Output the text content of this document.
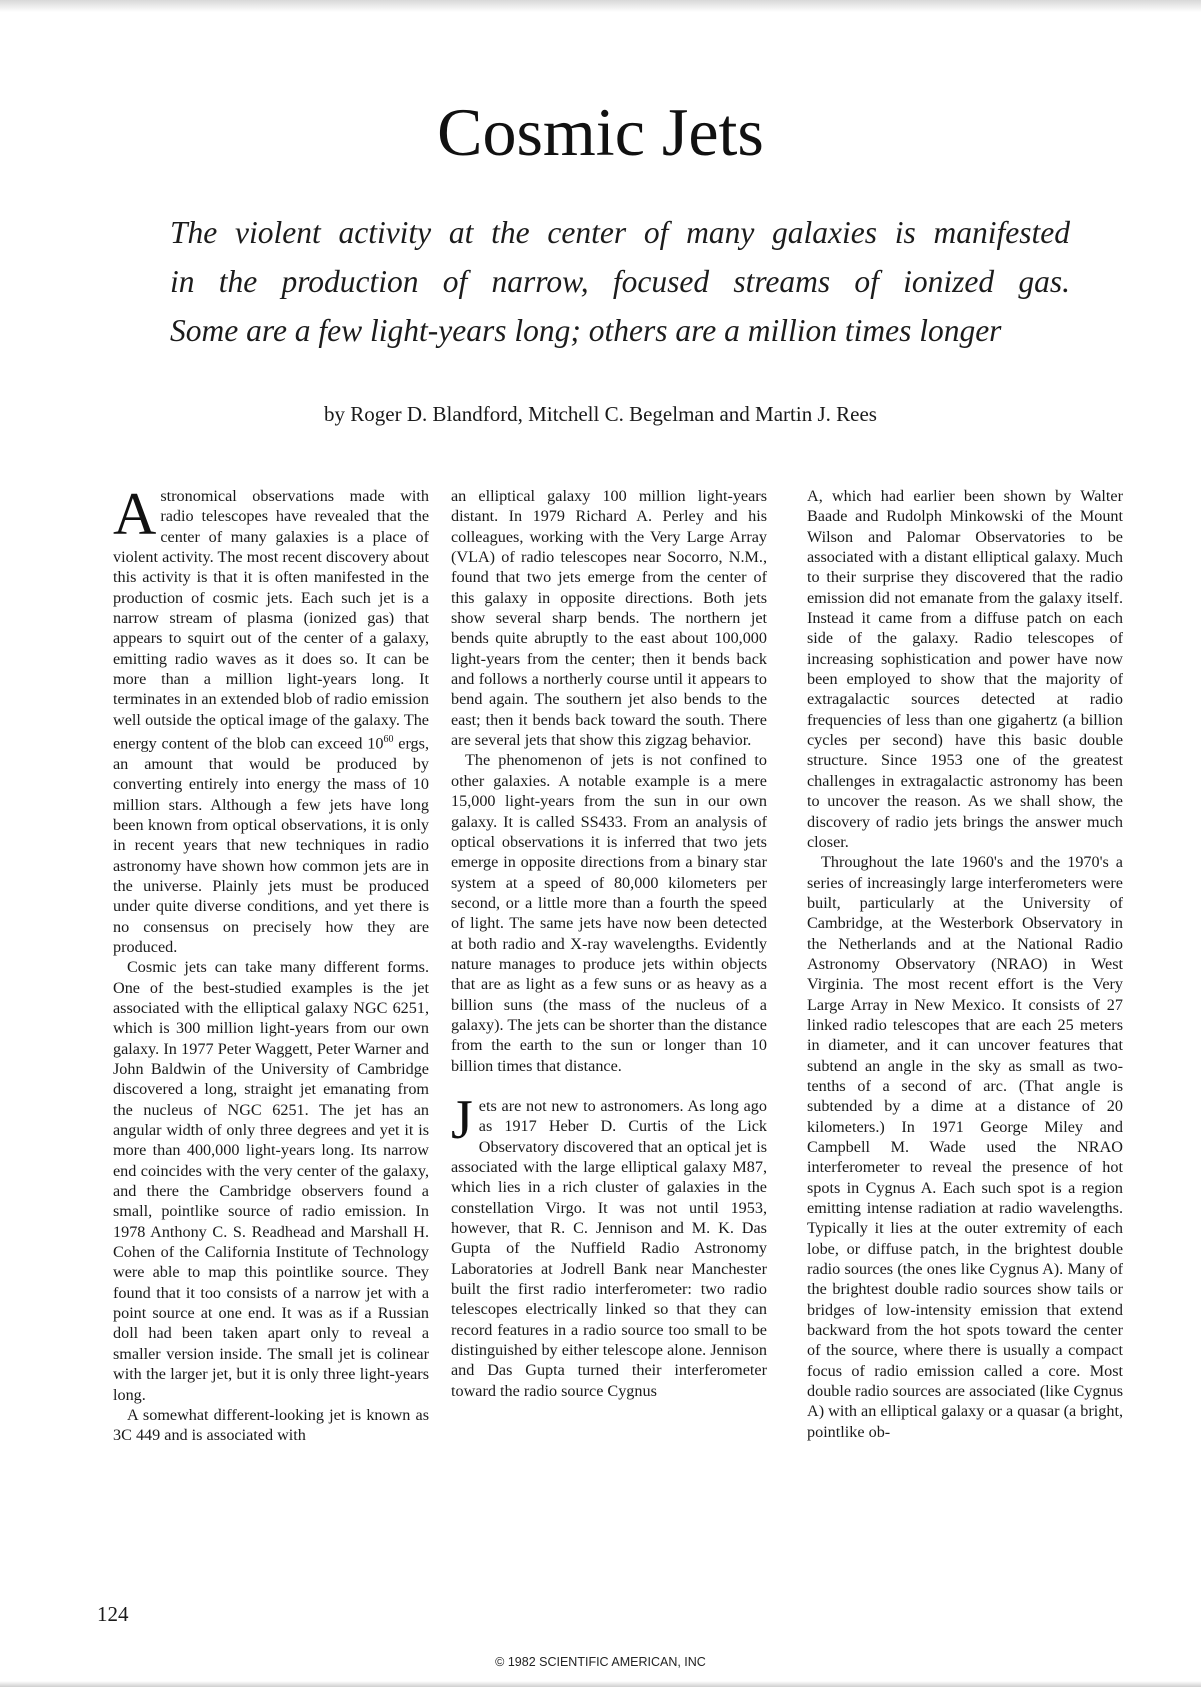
Cosmic Jets
The violent activity at the center of many galaxies is manifested
in the production of narrow, focused streams of ionized gas.
Some are a few light-years long; others are a million times longer
by Roger D. Blandford, Mitchell C. Begelman and Martin J. Rees

Astronomical observations made with radio telescopes have revealed that the center of many galaxies is a place of violent activity. The most recent discovery about this activity is that it is often manifested in the production of cosmic jets. Each such jet is a narrow stream of plasma (ionized gas) that appears to squirt out of the center of a galaxy, emitting radio waves as it does so. It can be more than a million light-years long. It terminates in an extended blob of radio emission well outside the optical image of the galaxy. The energy content of the blob can exceed $10^{60}$ ergs, an amount that would be produced by converting entirely into energy the mass of 10 million stars. Although a few jets have long been known from optical observations, it is only in recent years that new techniques in radio astronomy have shown how common jets are in the universe. Plainly jets must be produced under quite diverse conditions, and yet there is no consensus on precisely how they are produced.

Cosmic jets can take many different forms. One of the best-studied examples is the jet associated with the elliptical galaxy NGC 6251, which is 300 million light-years from our own galaxy. In 1977 Peter Waggett, Peter Warner and John Baldwin of the University of Cambridge discovered a long, straight jet emanating from the nucleus of NGC 6251. The jet has an angular width of only three degrees and yet it is more than 400,000 light-years long. Its narrow end coincides with the very center of the galaxy, and there the Cambridge observers found a small, pointlike source of radio emission. In 1978 Anthony C. S. Readhead and Marshall H. Cohen of the California Institute of Technology were able to map this pointlike source. They found that it too consists of a narrow jet with a point source at one end. It was as if a Russian doll had been taken apart only to reveal a smaller version inside. The small jet is colinear with the larger jet, but it is only three light-years long.

A somewhat different-looking jet is known as 3C 449 and is associated with

an elliptical galaxy 100 million light-years distant. In 1979 Richard A. Perley and his colleagues, working with the Very Large Array (VLA) of radio telescopes near Socorro, N.M., found that two jets emerge from the center of this galaxy in opposite directions. Both jets show several sharp bends. The northern jet bends quite abruptly to the east about 100,000 light-years from the center; then it bends back and follows a northerly course until it appears to bend again. The southern jet also bends to the east; then it bends back toward the south. There are several jets that show this zigzag behavior.

The phenomenon of jets is not confined to other galaxies. A notable example is a mere 15,000 light-years from the sun in our own galaxy. It is called SS433. From an analysis of optical observations it is inferred that two jets emerge in opposite directions from a binary star system at a speed of 80,000 kilometers per second, or a little more than a fourth the speed of light. The same jets have now been detected at both radio and X-ray wavelengths. Evidently nature manages to produce jets within objects that are as light as a few suns or as heavy as a billion suns (the mass of the nucleus of a galaxy). The jets can be shorter than the distance from the earth to the sun or longer than 10 billion times that distance.

Jets are not new to astronomers. As long ago as 1917 Heber D. Curtis of the Lick Observatory discovered that an optical jet is associated with the large elliptical galaxy M87, which lies in a rich cluster of galaxies in the constellation Virgo. It was not until 1953, however, that R. C. Jennison and M. K. Das Gupta of the Nuffield Radio Astronomy Laboratories at Jodrell Bank near Manchester built the first radio interferometer: two radio telescopes electrically linked so that they can record features in a radio source too small to be distinguished by either telescope alone. Jennison and Das Gupta turned their interferometer toward the radio source Cygnus

A, which had earlier been shown by Walter Baade and Rudolph Minkowski of the Mount Wilson and Palomar Observatories to be associated with a distant elliptical galaxy. Much to their surprise they discovered that the radio emission did not emanate from the galaxy itself. Instead it came from a diffuse patch on each side of the galaxy. Radio telescopes of increasing sophistication and power have now been employed to show that the majority of extragalactic sources detected at radio frequencies of less than one gigahertz (a billion cycles per second) have this basic double structure. Since 1953 one of the greatest challenges in extragalactic astronomy has been to uncover the reason. As we shall show, the discovery of radio jets brings the answer much closer.

Throughout the late 1960's and the 1970's a series of increasingly large interferometers were built, particularly at the University of Cambridge, at the Westerbork Observatory in the Netherlands and at the National Radio Astronomy Observatory (NRAO) in West Virginia. The most recent effort is the Very Large Array in New Mexico. It consists of 27 linked radio telescopes that are each 25 meters in diameter, and it can uncover features that subtend an angle in the sky as small as two-tenths of a second of arc. (That angle is subtended by a dime at a distance of 20 kilometers.) In 1971 George Miley and Campbell M. Wade used the NRAO interferometer to reveal the presence of hot spots in Cygnus A. Each such spot is a region emitting intense radiation at radio wavelengths. Typically it lies at the outer extremity of each lobe, or diffuse patch, in the brightest double radio sources (the ones like Cygnus A). Many of the brightest double radio sources show tails or bridges of low-intensity emission that extend backward from the hot spots toward the center of the source, where there is usually a compact focus of radio emission called a core. Most double radio sources are associated (like Cygnus A) with an elliptical galaxy or a quasar (a bright, pointlike ob-

124
© 1982 SCIENTIFIC AMERICAN, INC
